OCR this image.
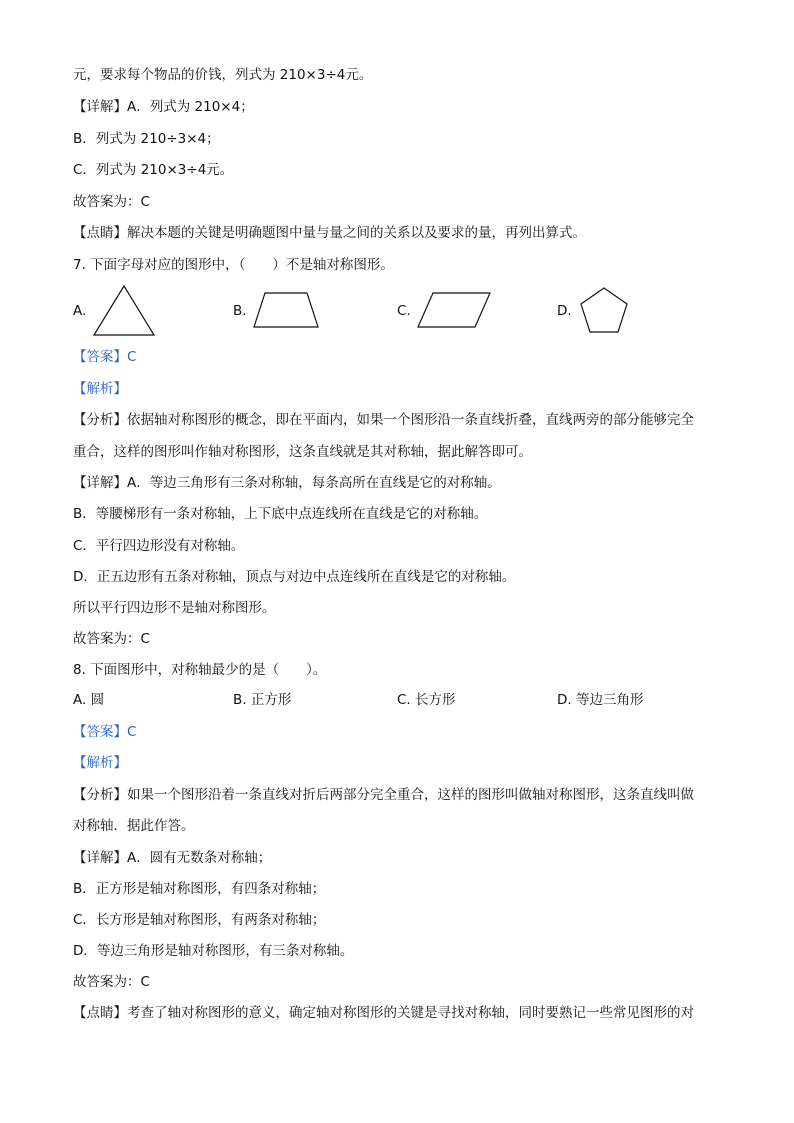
元，要求每个物品的价钱，列式为 210×3÷4元。
【详解】A．列式为 210×4；
B．列式为 210÷3×4；
C．列式为 210×3÷4元。
故答案为：C
【点睛】解决本题的关键是明确题图中量与量之间的关系以及要求的量，再列出算式。
7. 下面字母对应的图形中，（　　）不是轴对称图形。
A.	B.	C.	D.
【答案】C
【解析】
【分析】依据轴对称图形的概念，即在平面内，如果一个图形沿一条直线折叠，直线两旁的部分能够完全
重合，这样的图形叫作轴对称图形，这条直线就是其对称轴，据此解答即可。
【详解】A．等边三角形有三条对称轴，每条高所在直线是它的对称轴。
B．等腰梯形有一条对称轴，上下底中点连线所在直线是它的对称轴。
C．平行四边形没有对称轴。
D．正五边形有五条对称轴，顶点与对边中点连线所在直线是它的对称轴。
所以平行四边形不是轴对称图形。
故答案为：C
8. 下面图形中，对称轴最少的是（　　）。
A. 圆	B. 正方形	C. 长方形	D. 等边三角形
【答案】C
【解析】
【分析】如果一个图形沿着一条直线对折后两部分完全重合，这样的图形叫做轴对称图形，这条直线叫做
对称轴．据此作答。
【详解】A．圆有无数条对称轴；
B．正方形是轴对称图形，有四条对称轴；
C．长方形是轴对称图形，有两条对称轴；
D．等边三角形是轴对称图形，有三条对称轴。
故答案为：C
【点睛】考查了轴对称图形的意义，确定轴对称图形的关键是寻找对称轴，同时要熟记一些常见图形的对
